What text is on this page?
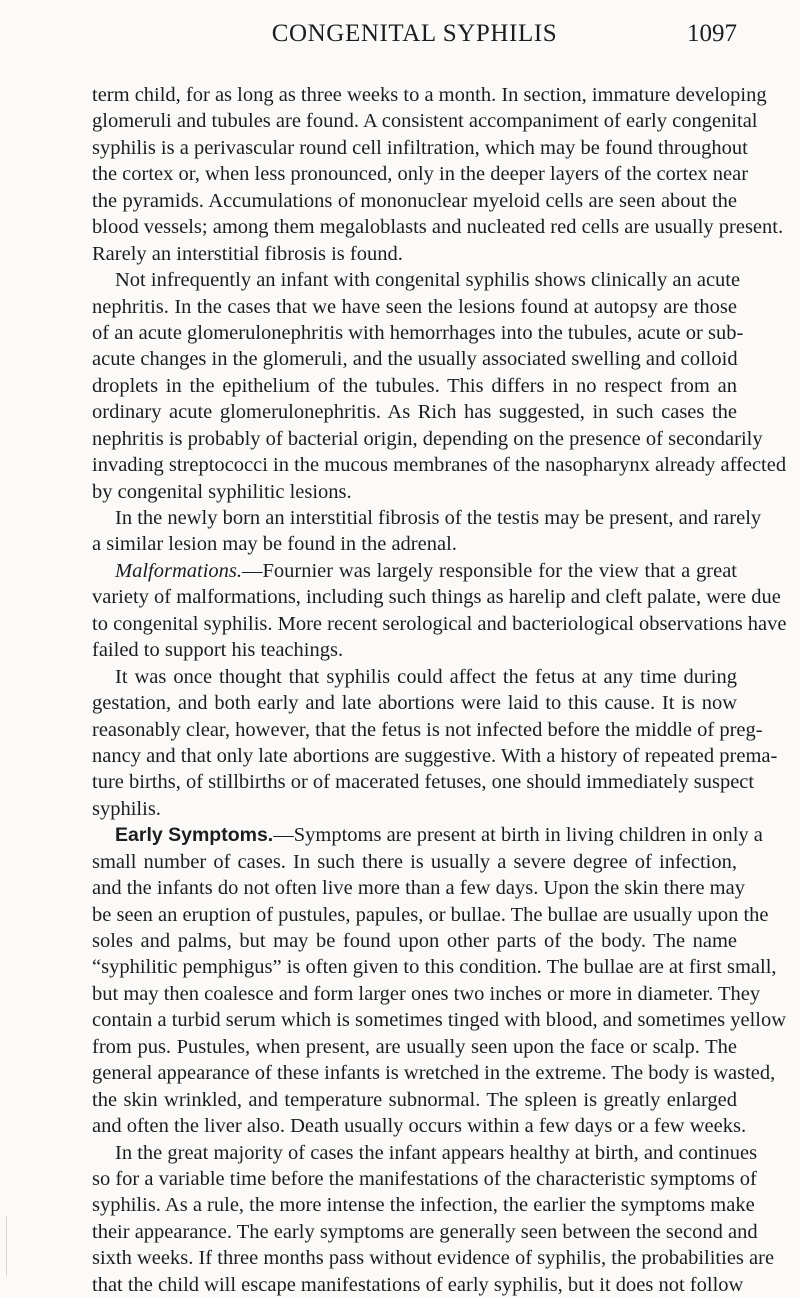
CONGENITAL SYPHILIS	1097
term child, for as long as three weeks to a month. In section, immature developing
glomeruli and tubules are found. A consistent accompaniment of early congenital
syphilis is a perivascular round cell infiltration, which may be found throughout
the cortex or, when less pronounced, only in the deeper layers of the cortex near
the pyramids. Accumulations of mononuclear myeloid cells are seen about the
blood vessels; among them megaloblasts and nucleated red cells are usually present.
Rarely an interstitial fibrosis is found.
Not infrequently an infant with congenital syphilis shows clinically an acute
nephritis. In the cases that we have seen the lesions found at autopsy are those
of an acute glomerulonephritis with hemorrhages into the tubules, acute or sub-
acute changes in the glomeruli, and the usually associated swelling and colloid
droplets in the epithelium of the tubules. This differs in no respect from an
ordinary acute glomerulonephritis. As Rich has suggested, in such cases the
nephritis is probably of bacterial origin, depending on the presence of secondarily
invading streptococci in the mucous membranes of the nasopharynx already affected
by congenital syphilitic lesions.
In the newly born an interstitial fibrosis of the testis may be present, and rarely
a similar lesion may be found in the adrenal.
Malformations.—Fournier was largely responsible for the view that a great
variety of malformations, including such things as harelip and cleft palate, were due
to congenital syphilis. More recent serological and bacteriological observations have
failed to support his teachings.
It was once thought that syphilis could affect the fetus at any time during
gestation, and both early and late abortions were laid to this cause. It is now
reasonably clear, however, that the fetus is not infected before the middle of preg-
nancy and that only late abortions are suggestive. With a history of repeated prema-
ture births, of stillbirths or of macerated fetuses, one should immediately suspect
syphilis.
Early Symptoms.—Symptoms are present at birth in living children in only a
small number of cases. In such there is usually a severe degree of infection,
and the infants do not often live more than a few days. Upon the skin there may
be seen an eruption of pustules, papules, or bullae. The bullae are usually upon the
soles and palms, but may be found upon other parts of the body. The name
“syphilitic pemphigus” is often given to this condition. The bullae are at first small,
but may then coalesce and form larger ones two inches or more in diameter. They
contain a turbid serum which is sometimes tinged with blood, and sometimes yellow
from pus. Pustules, when present, are usually seen upon the face or scalp. The
general appearance of these infants is wretched in the extreme. The body is wasted,
the skin wrinkled, and temperature subnormal. The spleen is greatly enlarged
and often the liver also. Death usually occurs within a few days or a few weeks.
In the great majority of cases the infant appears healthy at birth, and continues
so for a variable time before the manifestations of the characteristic symptoms of
syphilis. As a rule, the more intense the infection, the earlier the symptoms make
their appearance. The early symptoms are generally seen between the second and
sixth weeks. If three months pass without evidence of syphilis, the probabilities are
that the child will escape manifestations of early syphilis, but it does not follow
